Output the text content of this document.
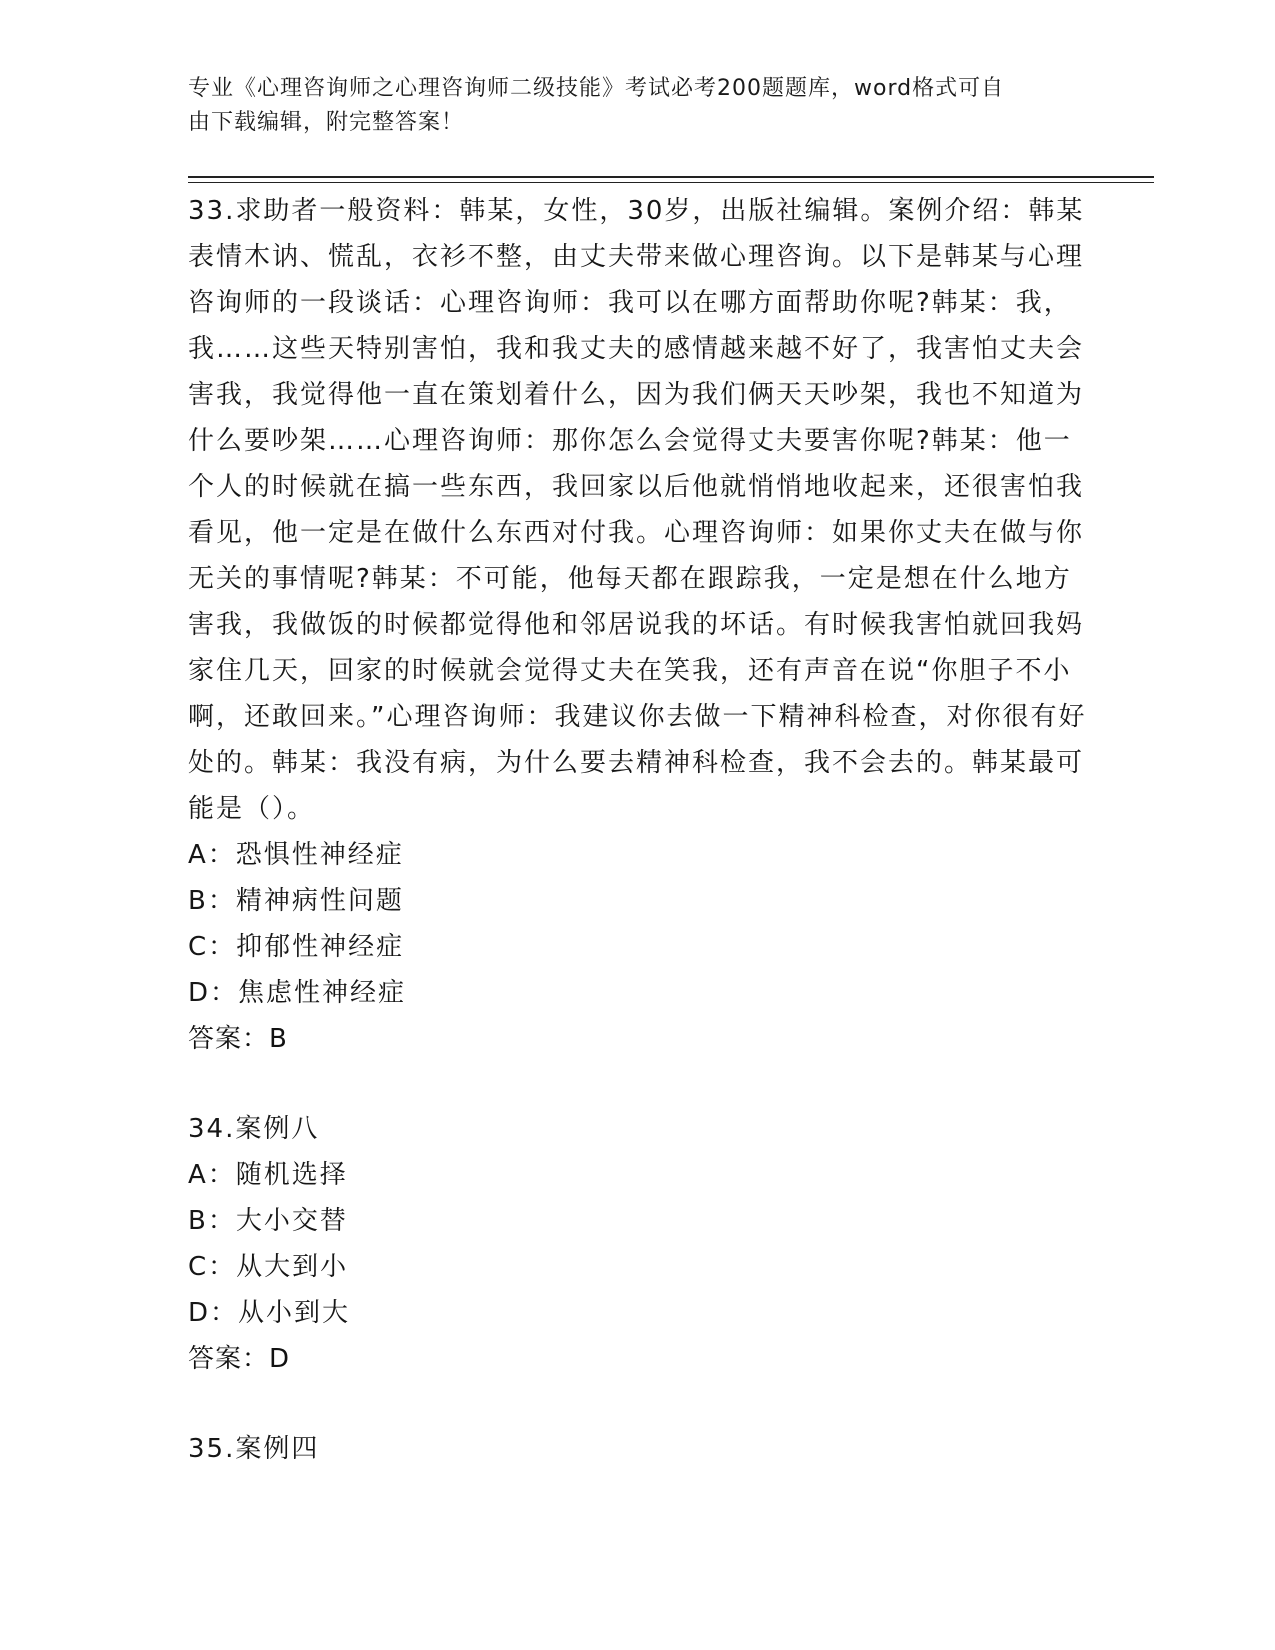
专业《心理咨询师之心理咨询师二级技能》考试必考200题题库，word格式可自
由下载编辑，附完整答案！

33.求助者一般资料：韩某，女性，30岁，出版社编辑。案例介绍：韩某表情木讷、慌乱，衣衫不整，由丈夫带来做心理咨询。以下是韩某与心理咨询师的一段谈话：心理咨询师：我可以在哪方面帮助你呢?韩某：我，我……这些天特别害怕，我和我丈夫的感情越来越不好了，我害怕丈夫会害我，我觉得他一直在策划着什么，因为我们俩天天吵架，我也不知道为什么要吵架……心理咨询师：那你怎么会觉得丈夫要害你呢?韩某：他一个人的时候就在搞一些东西，我回家以后他就悄悄地收起来，还很害怕我看见，他一定是在做什么东西对付我。心理咨询师：如果你丈夫在做与你无关的事情呢?韩某：不可能，他每天都在跟踪我，一定是想在什么地方害我，我做饭的时候都觉得他和邻居说我的坏话。有时候我害怕就回我妈家住几天，回家的时候就会觉得丈夫在笑我，还有声音在说“你胆子不小啊，还敢回来。”心理咨询师：我建议你去做一下精神科检查，对你很有好处的。韩某：我没有病，为什么要去精神科检查，我不会去的。韩某最可能是（）。

A：恐惧性神经症

B：精神病性问题

C：抑郁性神经症

D：焦虑性神经症

答案：B

34.案例八

A：随机选择

B：大小交替

C：从大到小

D：从小到大

答案：D

35.案例四
